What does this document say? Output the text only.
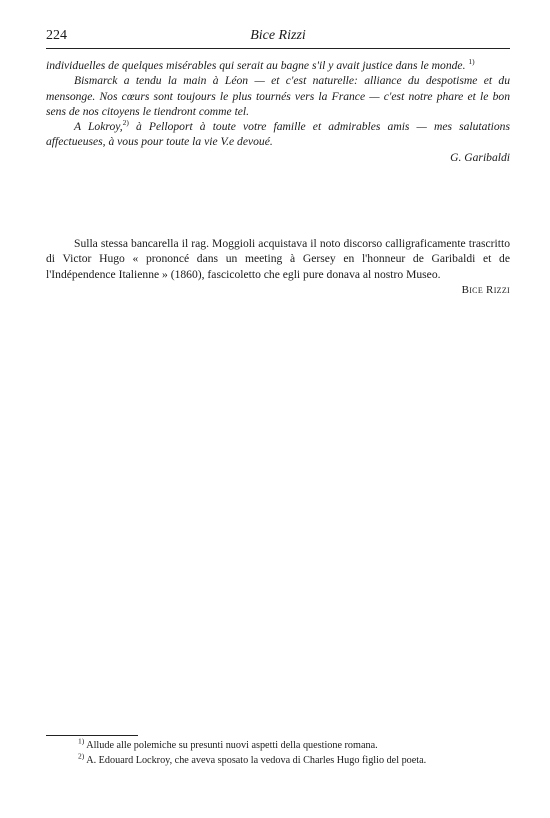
224	Bice Rizzi

individuelles de quelques misérables qui serait au bagne s'il y avait justice dans le monde. $^{1)}$

Bismarck a tendu la main à Léon — et c'est naturelle: alliance du despotisme et du mensonge. Nos cœurs sont toujours le plus tournés vers la France — c'est notre phare et le bon sens de nos citoyens le tiendront comme tel.

A Lokroy,$^{2)}$ à Pelloport à toute votre famille et admirables amis — mes salutations affectueuses, à vous pour toute la vie V.e devoué.

G. Garibaldi

Sulla stessa bancarella il rag. Moggioli acquistava il noto discorso calligraficamente trascritto di Victor Hugo « prononcé dans un meeting à Gersey en l'honneur de Garibaldi et de l'Indépendence Italienne » (1860), fascicoletto che egli pure donava al nostro Museo.

Bice Rizzi

$^{1)}$ Allude alle polemiche su presunti nuovi aspetti della questione romana.

$^{2)}$ A. Edouard Lockroy, che aveva sposato la vedova di Charles Hugo figlio del poeta.
